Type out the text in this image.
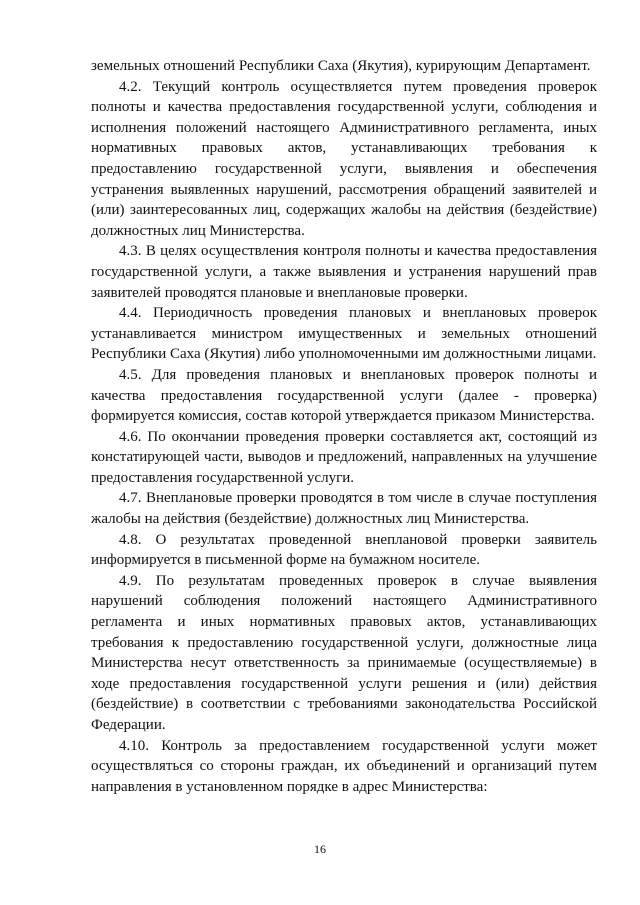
земельных отношений Республики Саха (Якутия), курирующим Департамент.

4.2. Текущий контроль осуществляется путем проведения проверок полноты и качества предоставления государственной услуги, соблюдения и исполнения положений настоящего Административного регламента, иных нормативных правовых актов, устанавливающих требования к предоставлению государственной услуги, выявления и обеспечения устранения выявленных нарушений, рассмотрения обращений заявителей и (или) заинтересованных лиц, содержащих жалобы на действия (бездействие) должностных лиц Министерства.

4.3. В целях осуществления контроля полноты и качества предоставления государственной услуги, а также выявления и устранения нарушений прав заявителей проводятся плановые и внеплановые проверки.

4.4. Периодичность проведения плановых и внеплановых проверок устанавливается министром имущественных и земельных отношений Республики Саха (Якутия) либо уполномоченными им должностными лицами.

4.5. Для проведения плановых и внеплановых проверок полноты и качества предоставления государственной услуги (далее - проверка) формируется комиссия, состав которой утверждается приказом Министерства.

4.6. По окончании проведения проверки составляется акт, состоящий из констатирующей части, выводов и предложений, направленных на улучшение предоставления государственной услуги.

4.7. Внеплановые проверки проводятся в том числе в случае поступления жалобы на действия (бездействие) должностных лиц Министерства.

4.8. О результатах проведенной внеплановой проверки заявитель информируется в письменной форме на бумажном носителе.

4.9. По результатам проведенных проверок в случае выявления нарушений соблюдения положений настоящего Административного регламента и иных нормативных правовых актов, устанавливающих требования к предоставлению государственной услуги, должностные лица Министерства несут ответственность за принимаемые (осуществляемые) в ходе предоставления государственной услуги решения и (или) действия (бездействие) в соответствии с требованиями законодательства Российской Федерации.

4.10. Контроль за предоставлением государственной услуги может осуществляться со стороны граждан, их объединений и организаций путем направления в установленном порядке в адрес Министерства:

16
